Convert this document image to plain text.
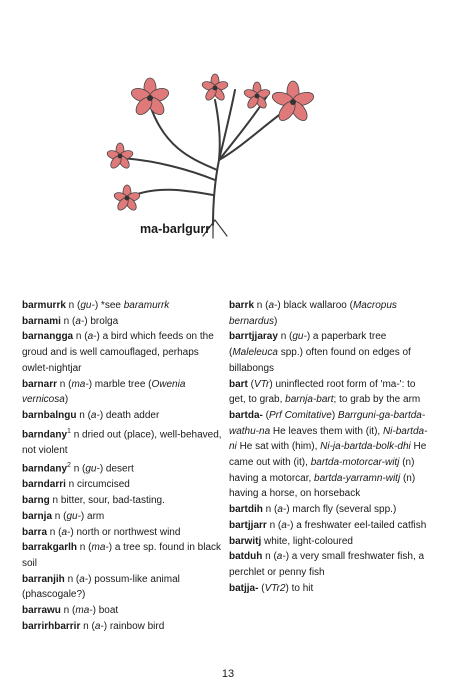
ma-barlgurr

barmurrk n (gu-) *see baramurrk

barnami n (a-) brolga

barnangga n (a-) a bird which feeds on the groud and is well camouflaged, perhaps owlet-nightjar

barnarr n (ma-) marble tree (Owenia vernicosa)

barnbalngu n (a-) death adder

barndany$^1$ n dried out (place), well-behaved, not violent

barndany$^2$ n (gu-) desert

barndarri n circumcised

barng n bitter, sour, bad-tasting.

barnja n (gu-) arm

barra n (a-) north or northwest wind

barrakgarlh n (ma-) a tree sp. found in black soil

barranjih n (a-) possum-like animal (phascogale?)

barrawu n (ma-) boat

barrirhbarrir n (a-) rainbow bird

barrk n (a-) black wallaroo (Macropus bernardus)

barrtjjaray n (gu-) a paperbark tree (Maleleuca spp.) often found on edges of billabongs

bart (VTr) uninflected root form of 'ma-': to get, to grab, barnja-bart; to grab by the arm

bartda- (Prf Comitative) Barrguni-ga-bartda-wathu-na He leaves them with (it), Ni-bartda-ni He sat with (him), Ni-ja-bartda-bolk-dhi He came out with (it), bartda-motorcar-witj (n) having a motorcar, bartda-yarramn-witj (n) having a horse, on horseback

bartdih n (a-) march fly (several spp.)

bartjjarr n (a-) a freshwater eel-tailed catfish

barwitj white, light-coloured

batduh n (a-) a very small freshwater fish, a perchlet or penny fish

batjja- (VTr2) to hit

13
